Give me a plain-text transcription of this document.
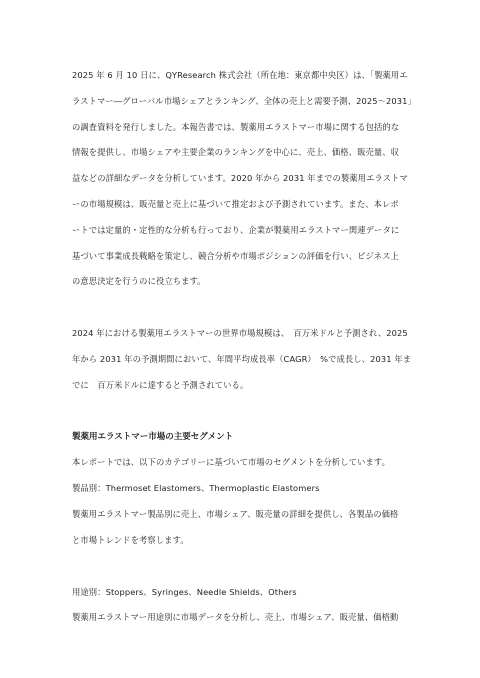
2025 年 6 月 10 日に、QYResearch 株式会社（所在地：東京都中央区）は、「製薬用エ
ラストマー―グローバル市場シェアとランキング、全体の売上と需要予測、2025〜2031」
の調査資料を発行しました。本報告書では、製薬用エラストマー市場に関する包括的な
情報を提供し、市場シェアや主要企業のランキングを中心に、売上、価格、販売量、収
益などの詳細なデータを分析しています。2020 年から 2031 年までの製薬用エラストマ
ーの市場規模は、販売量と売上に基づいて推定および予測されています。また、本レポ
ートでは定量的・定性的な分析も行っており、企業が製薬用エラストマー関連データに
基づいて事業成長戦略を策定し、競合分析や市場ポジションの評価を行い、ビジネス上
の意思決定を行うのに役立ちます。

2024 年における製薬用エラストマーの世界市場規模は、　百万米ドルと予測され、2025
年から 2031 年の予測期間において、年間平均成長率（CAGR）　%で成長し、2031 年ま
でに　百万米ドルに達すると予測されている。

製薬用エラストマー市場の主要セグメント

本レポートでは、以下のカテゴリーに基づいて市場のセグメントを分析しています。

製品別：Thermoset Elastomers、Thermoplastic Elastomers

製薬用エラストマー製品別に売上、市場シェア、販売量の詳細を提供し、各製品の価格
と市場トレンドを考察します。

用途別：Stoppers、Syringes、Needle Shields、Others

製薬用エラストマー用途別に市場データを分析し、売上、市場シェア、販売量、価格動
